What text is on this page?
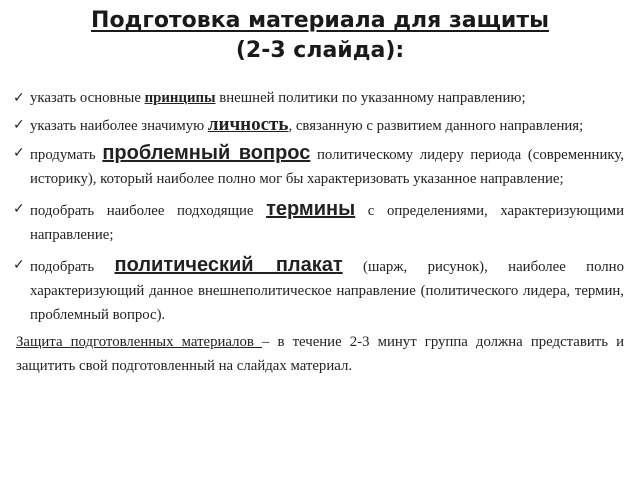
Подготовка материала для защиты
(2-3 слайда):
✓ указать основные принципы внешней политики по указанному направлению;
✓ указать наиболее значимую личность, связанную с развитием данного направления;
✓ продумать проблемный вопрос политическому лидеру периода (современнику, историку), который наиболее полно мог бы характеризовать указанное направление;
✓ подобрать наиболее подходящие термины с определениями, характеризующими направление;
✓ подобрать политический плакат (шарж, рисунок), наиболее полно характеризующий данное внешнеполитическое направление (политического лидера, термин, проблемный вопрос).
Защита подготовленных материалов – в течение 2-3 минут группа должна представить и защитить свой подготовленный на слайдах материал.
